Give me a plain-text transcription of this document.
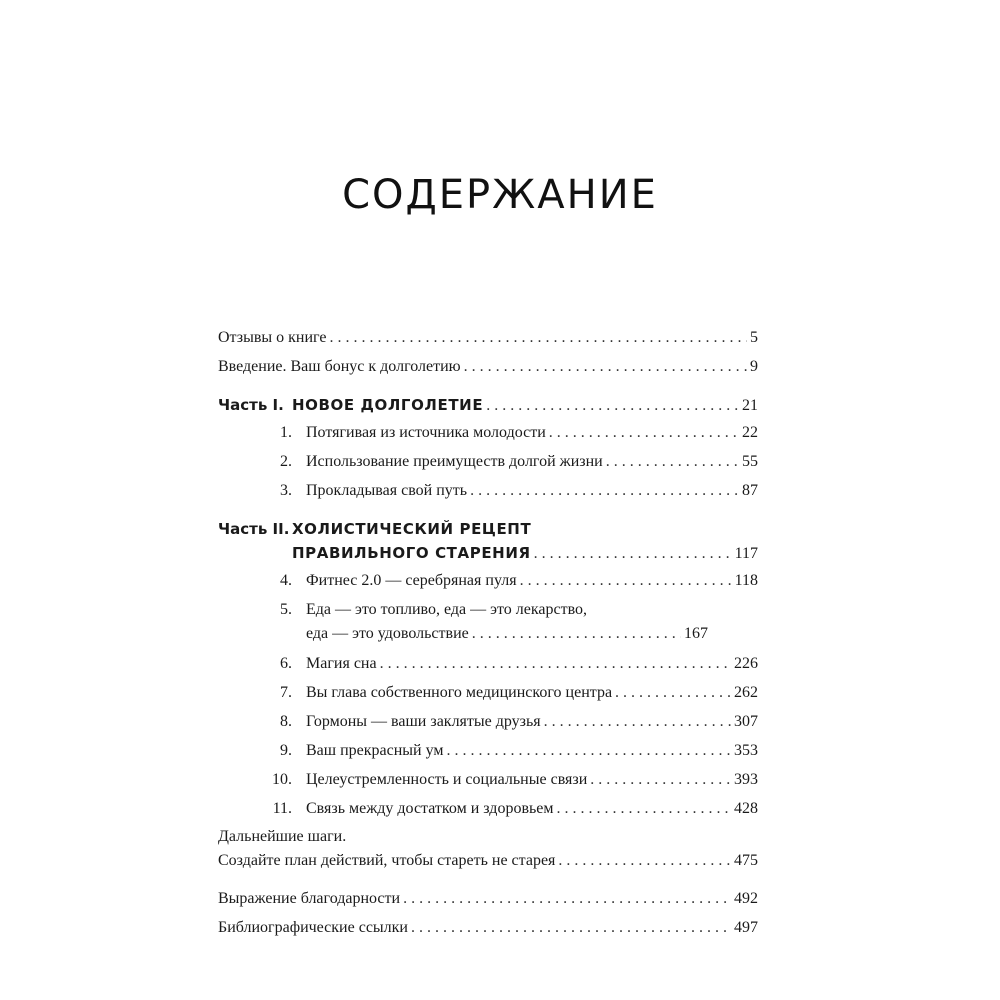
СОДЕРЖАНИЕ
Отзывы о книге . . .	5
Введение. Ваш бонус к долголетию . . .	9
Часть I. НОВОЕ ДОЛГОЛЕТИЕ . . .	21
1. Потягивая из источника молодости . . .	22
2. Использование преимуществ долгой жизни . . .	55
3. Прокладывая свой путь . . .	87
Часть II. ХОЛИСТИЧЕСКИЙ РЕЦЕПТ
ПРАВИЛЬНОГО СТАРЕНИЯ . . .	117
4. Фитнес 2.0 — серебряная пуля . . .	118
5. Еда — это топливо, еда — это лекарство,
еда — это удовольствие . . .	167
6. Магия сна . . .	226
7. Вы глава собственного медицинского центра . . .	262
8. Гормоны — ваши заклятые друзья . . .	307
9. Ваш прекрасный ум . . .	353
10. Целеустремленность и социальные связи . . .	393
11. Связь между достатком и здоровьем . . .	428
Дальнейшие шаги.
Создайте план действий, чтобы стареть не старея . . .	475
Выражение благодарности . . .	492
Библиографические ссылки . . .	497
